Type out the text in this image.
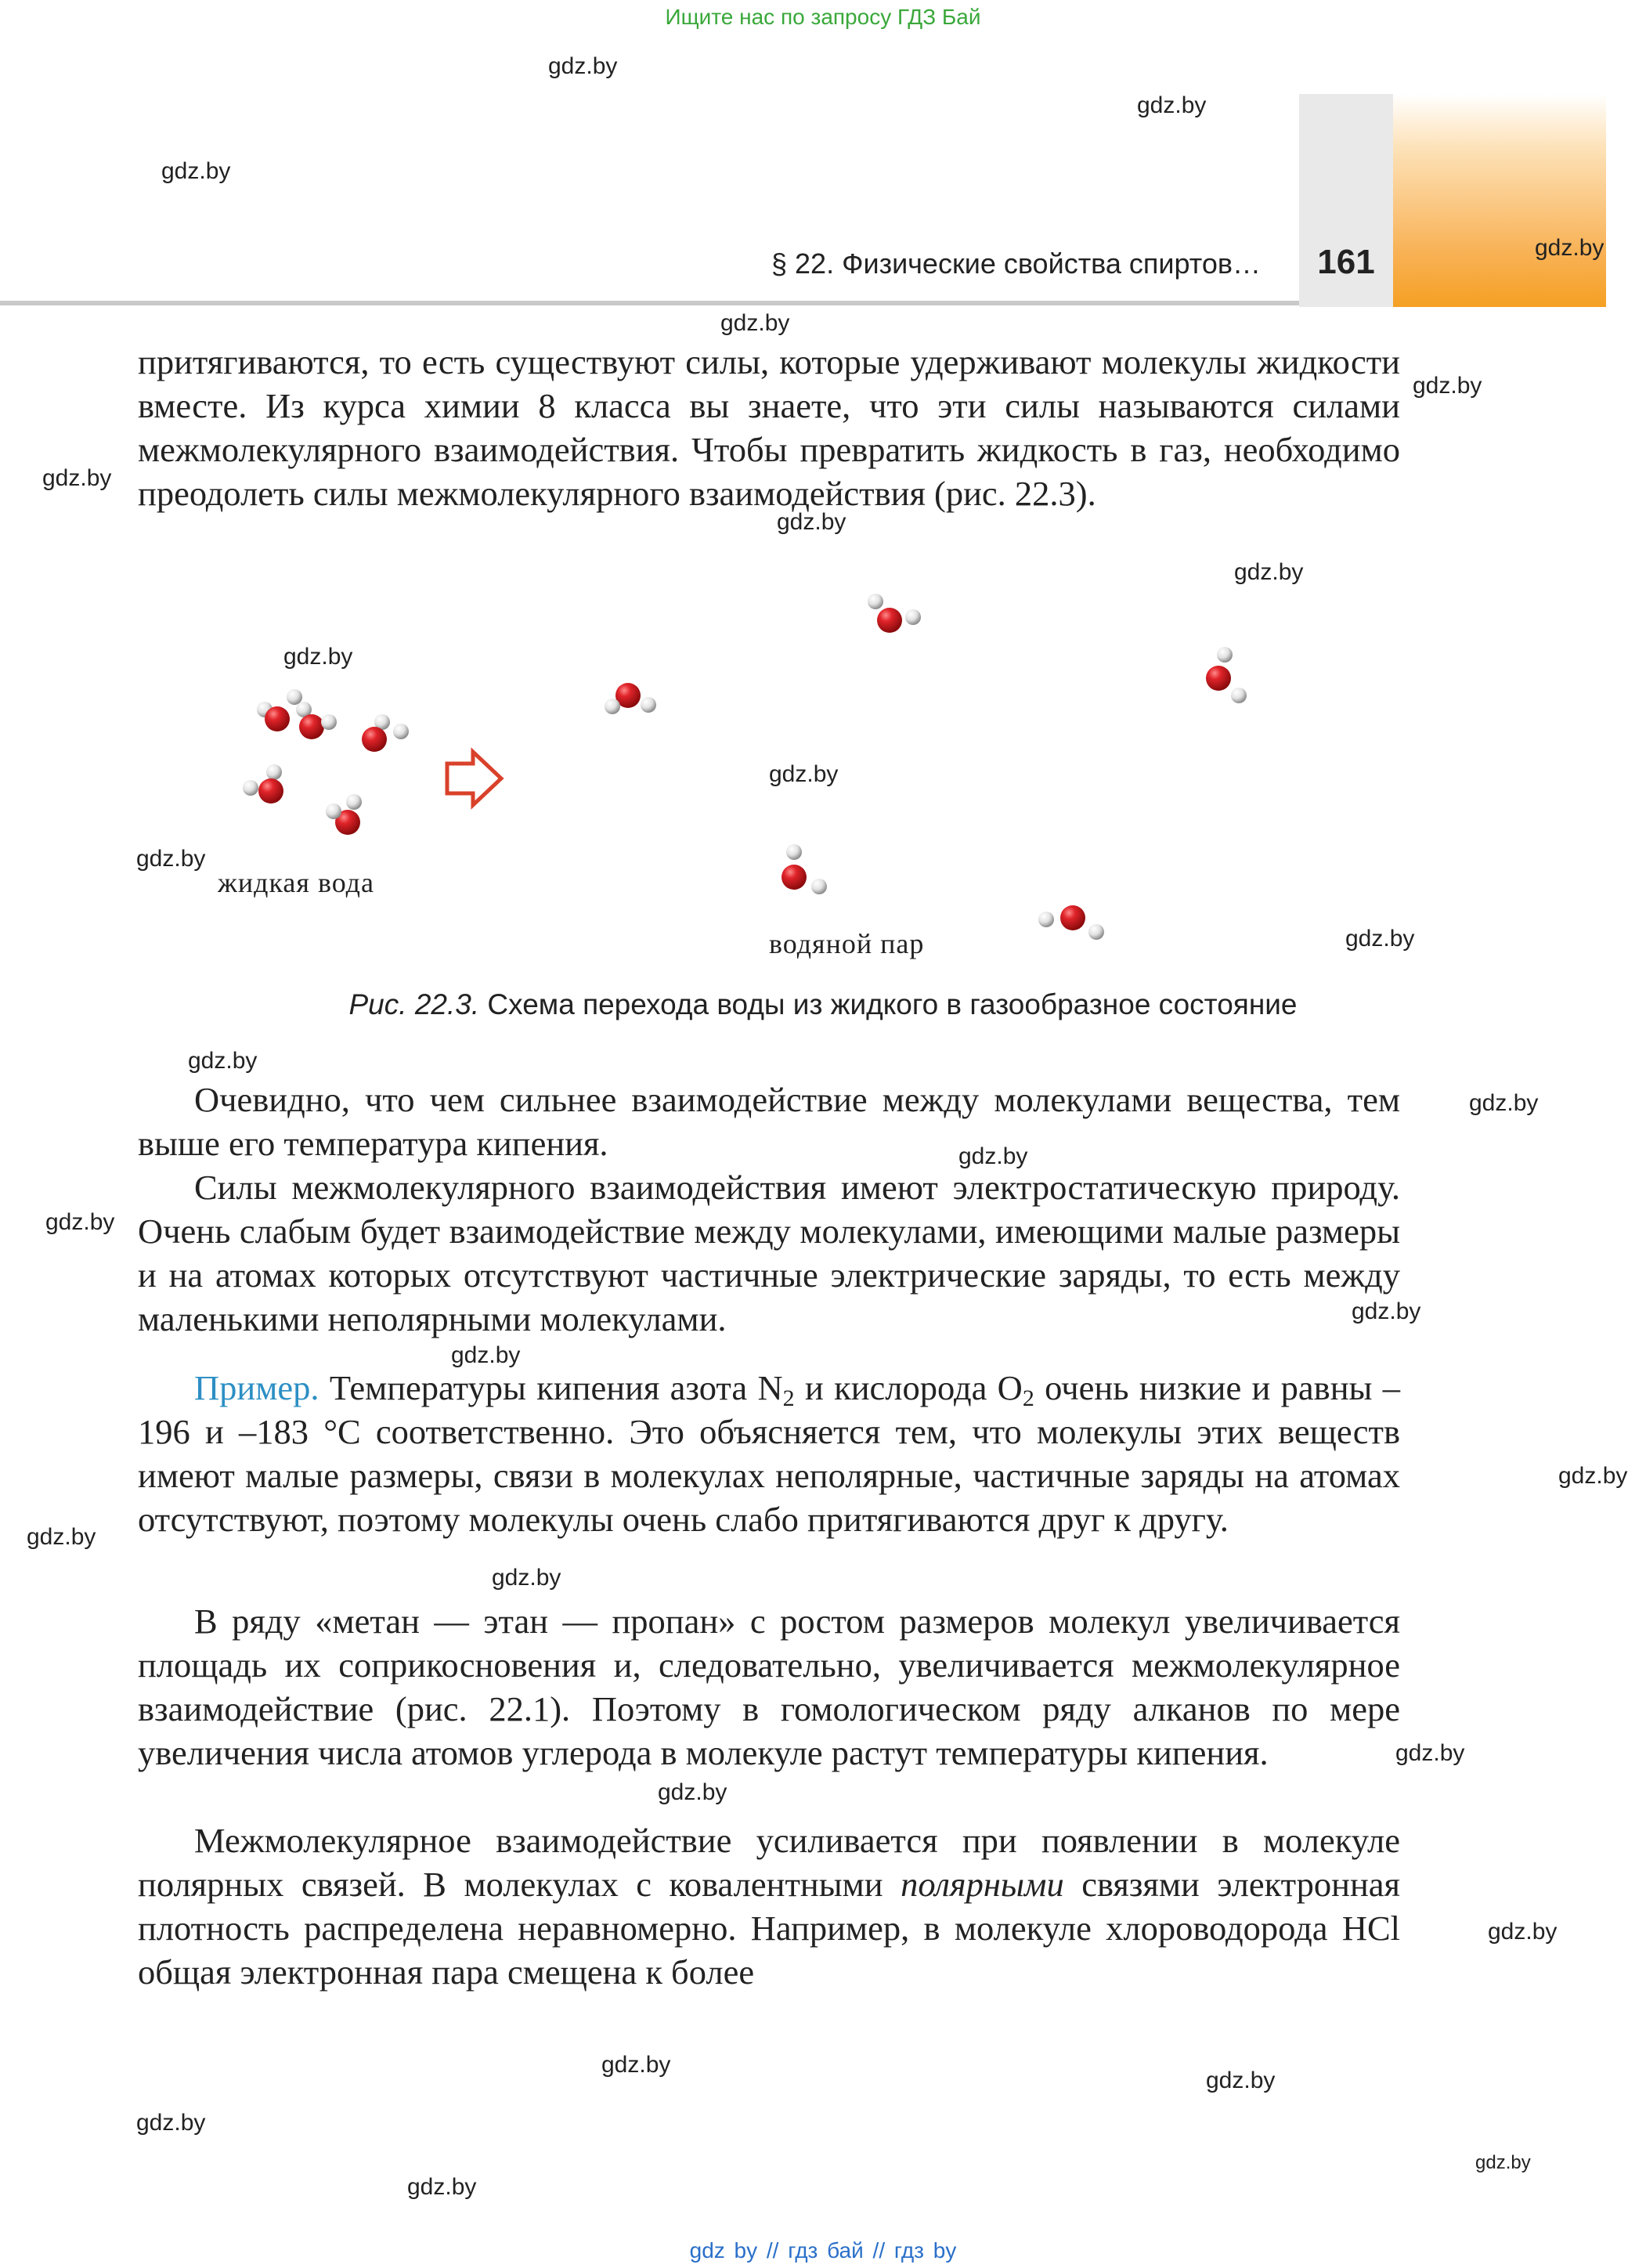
Ищите нас по запросу ГДЗ Бай
§ 22. Физические свойства спиртов…	161
притягиваются, то есть существуют силы, которые удерживают молекулы жидкости вместе. Из курса химии 8 класса вы знаете, что эти силы называются силами межмолекулярного взаимодействия. Чтобы превратить жидкость в газ, необходимо преодолеть силы межмолекулярного взаимодействия (рис. 22.3).
жидкая вода
водяной пар
Рис. 22.3. Схема перехода воды из жидкого в газообразное состояние
Очевидно, что чем сильнее взаимодействие между молекулами вещества, тем выше его температура кипения.
Силы межмолекулярного взаимодействия имеют электростатическую природу. Очень слабым будет взаимодействие между молекулами, имеющими малые размеры и на атомах которых отсутствуют частичные электрические заряды, то есть между маленькими неполярными молекулами.
Пример. Температуры кипения азота $N_2$ и кислорода $O_2$ очень низкие и равны –196 и –183 °С соответственно. Это объясняется тем, что молекулы этих веществ имеют малые размеры, связи в молекулах неполярные, частичные заряды на атомах отсутствуют, поэтому молекулы очень слабо притягиваются друг к другу.
В ряду «метан — этан — пропан» с ростом размеров молекул увеличивается площадь их соприкосновения и, следовательно, увеличивается межмолекулярное взаимодействие (рис. 22.1). Поэтому в гомологическом ряду алканов по мере увеличения числа атомов углерода в молекуле растут температуры кипения.
Межмолекулярное взаимодействие усиливается при появлении в молекуле полярных связей. В молекулах с ковалентными полярными связями электронная плотность распределена неравномерно. Например, в молекуле хлороводорода HCl общая электронная пара смещена к более
gdz.by
gdz.by
gdz.by
gdz.by
gdz.by
gdz.by
gdz.by
gdz.by
gdz.by
gdz.by
gdz.by
gdz.by
gdz.by
gdz.by
gdz.by
gdz.by
gdz.by
gdz.by
gdz.by
gdz.by
gdz.by
gdz.by
gdz.by
gdz.by
gdz.by
gdz.by
gdz.by
gdz.by
gdz.by
gdz.by
gdz by // гдз бай // гдз by
